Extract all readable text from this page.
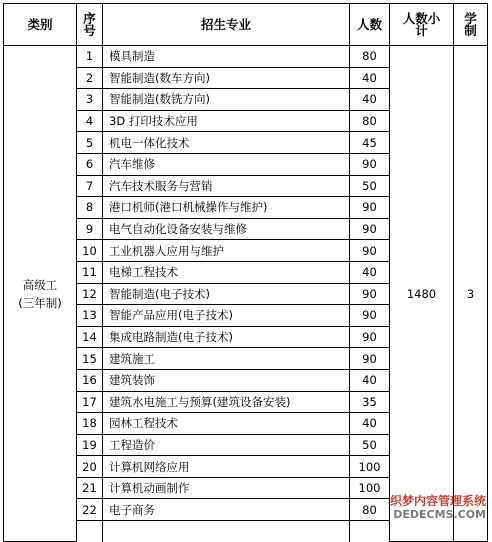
类别	序号	招生专业	人数	人数小计	学制

高级工
(三年制)	1	模具制造	80	1480	3
	2	智能制造(数车方向)	40		
	3	智能制造(数铣方向)	40		
	4	3D 打印技术应用	80		
	5	机电一体化技术	45		
	6	汽车维修	90		
	7	汽车技术服务与营销	50		
	8	港口机师(港口机械操作与维护)	90		
	9	电气自动化设备安装与维修	90		
	10	工业机器人应用与维护	90		
	11	电梯工程技术	40		
	12	智能制造(电子技术)	90		
	13	智能产品应用(电子技术)	90		
	14	集成电路制造(电子技术)	90		
	15	建筑施工	90		
	16	建筑装饰	40		
	17	建筑水电施工与预算(建筑设备安装)	35		
	18	园林工程技术	40		
	19	工程造价	50		
	20	计算机网络应用	100		
	21	计算机动画制作	100		
	22	电子商务	80		

织梦内容管理系统
DEDECMS.COM
